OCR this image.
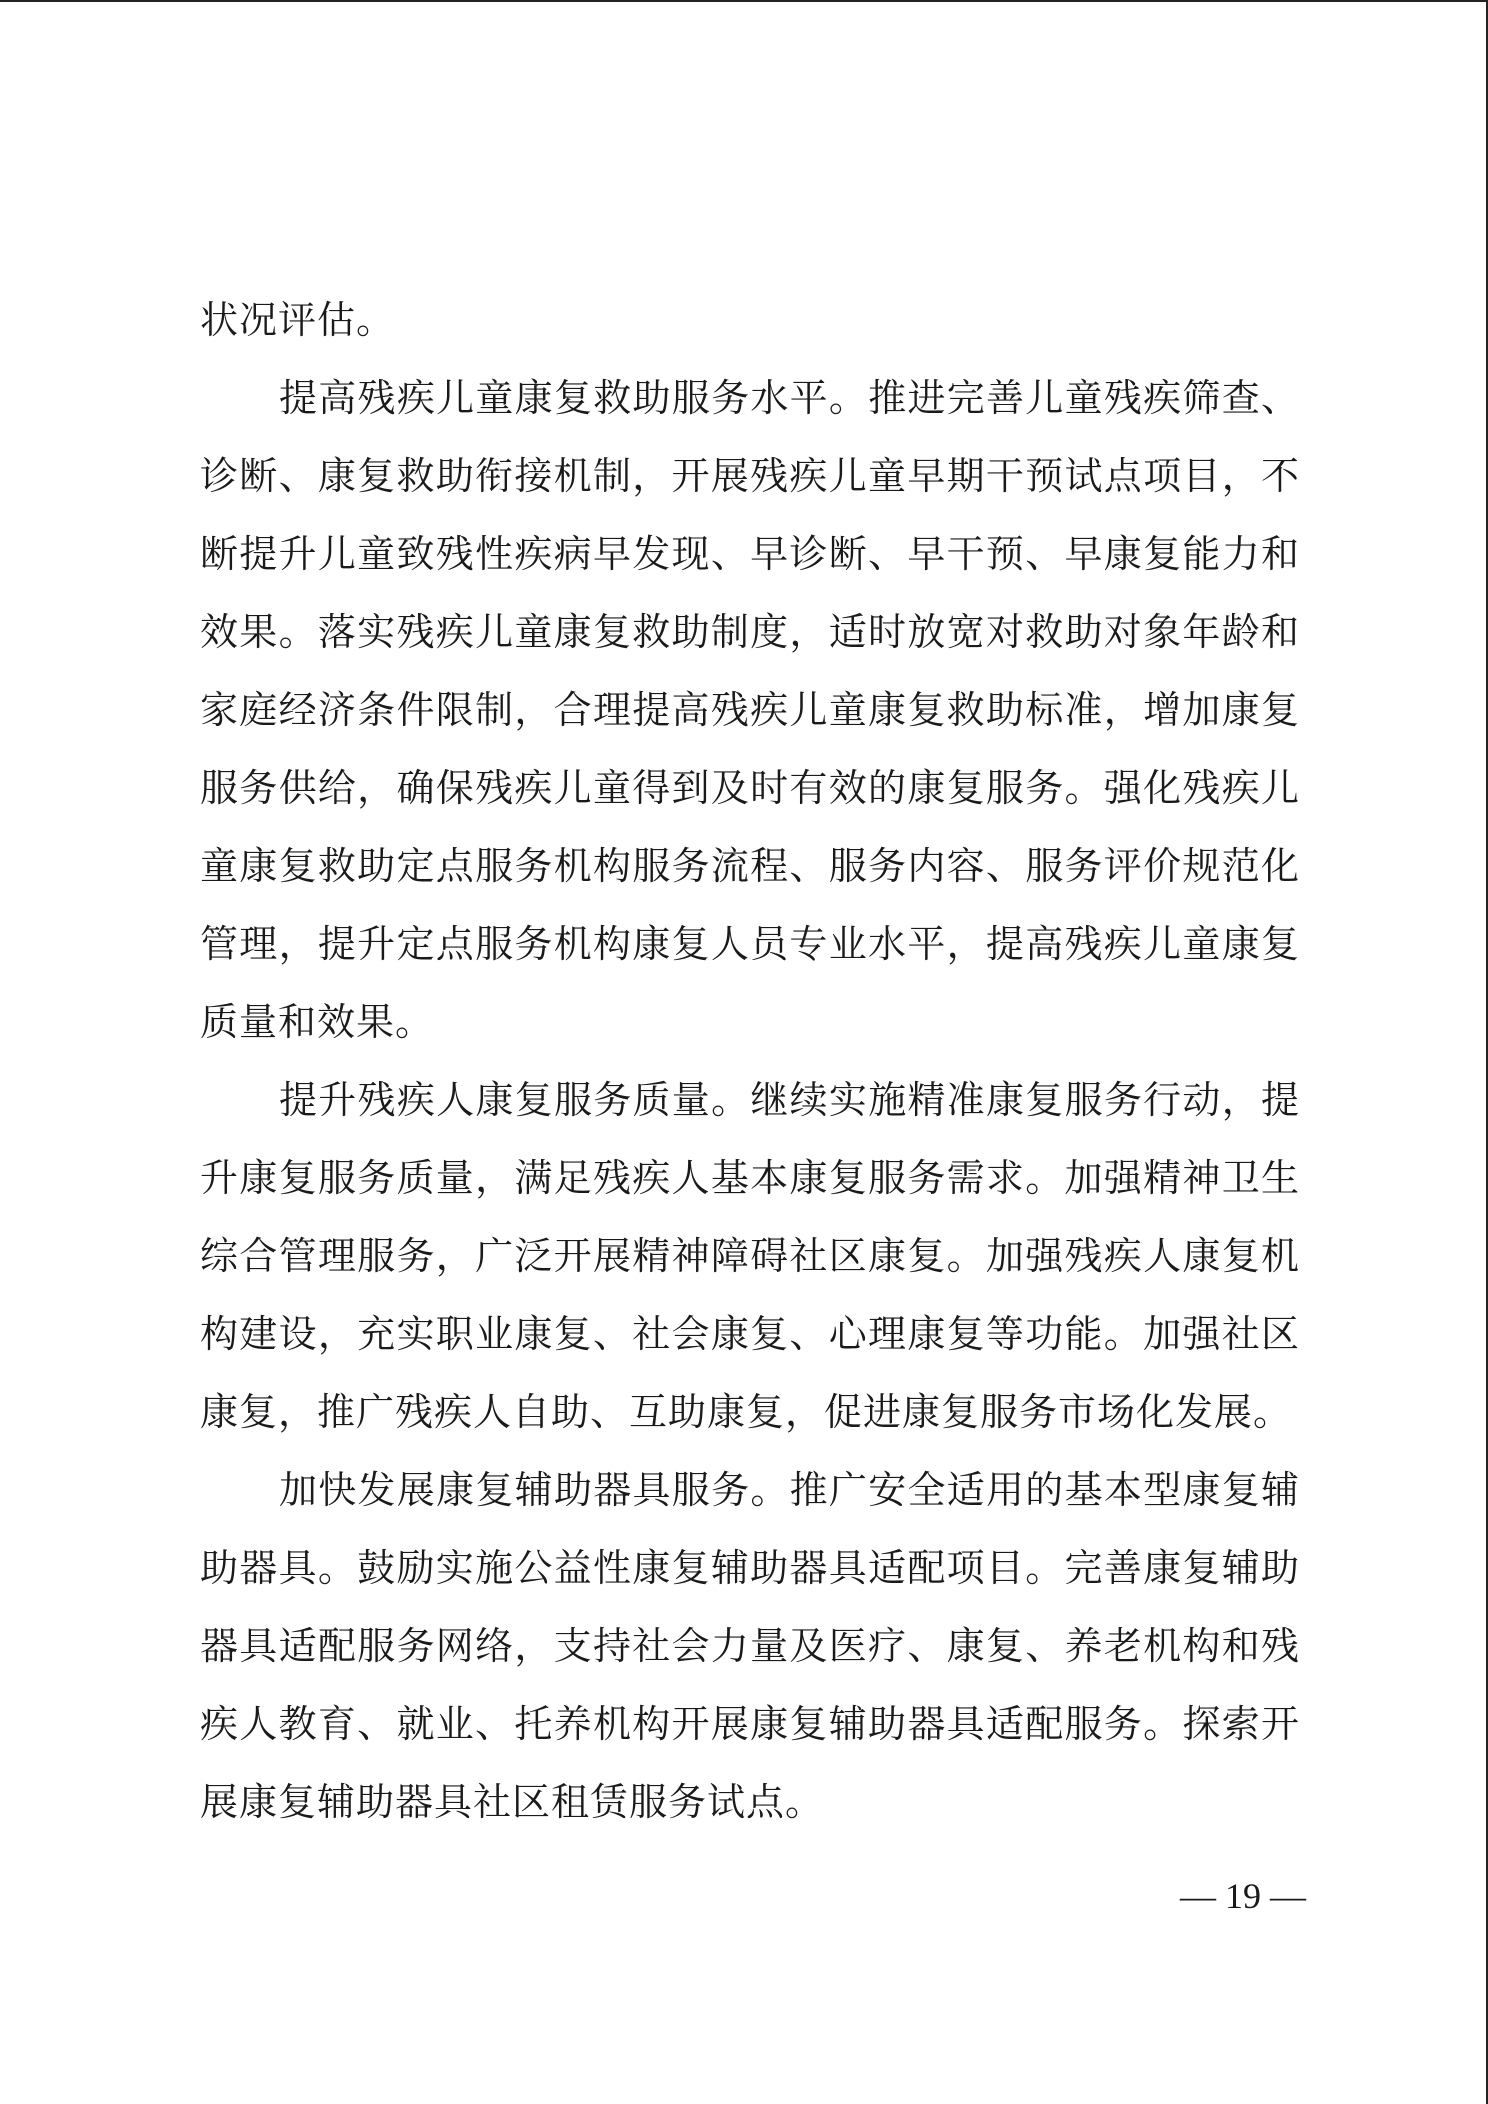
状况评估。

提高残疾儿童康复救助服务水平。推进完善儿童残疾筛查、诊断、康复救助衔接机制，开展残疾儿童早期干预试点项目，不断提升儿童致残性疾病早发现、早诊断、早干预、早康复能力和效果。落实残疾儿童康复救助制度，适时放宽对救助对象年龄和家庭经济条件限制，合理提高残疾儿童康复救助标准，增加康复服务供给，确保残疾儿童得到及时有效的康复服务。强化残疾儿童康复救助定点服务机构服务流程、服务内容、服务评价规范化管理，提升定点服务机构康复人员专业水平，提高残疾儿童康复质量和效果。

提升残疾人康复服务质量。继续实施精准康复服务行动，提升康复服务质量，满足残疾人基本康复服务需求。加强精神卫生综合管理服务，广泛开展精神障碍社区康复。加强残疾人康复机构建设，充实职业康复、社会康复、心理康复等功能。加强社区康复，推广残疾人自助、互助康复，促进康复服务市场化发展。

加快发展康复辅助器具服务。推广安全适用的基本型康复辅助器具。鼓励实施公益性康复辅助器具适配项目。完善康复辅助器具适配服务网络，支持社会力量及医疗、康复、养老机构和残疾人教育、就业、托养机构开展康复辅助器具适配服务。探索开展康复辅助器具社区租赁服务试点。

— 19 —
